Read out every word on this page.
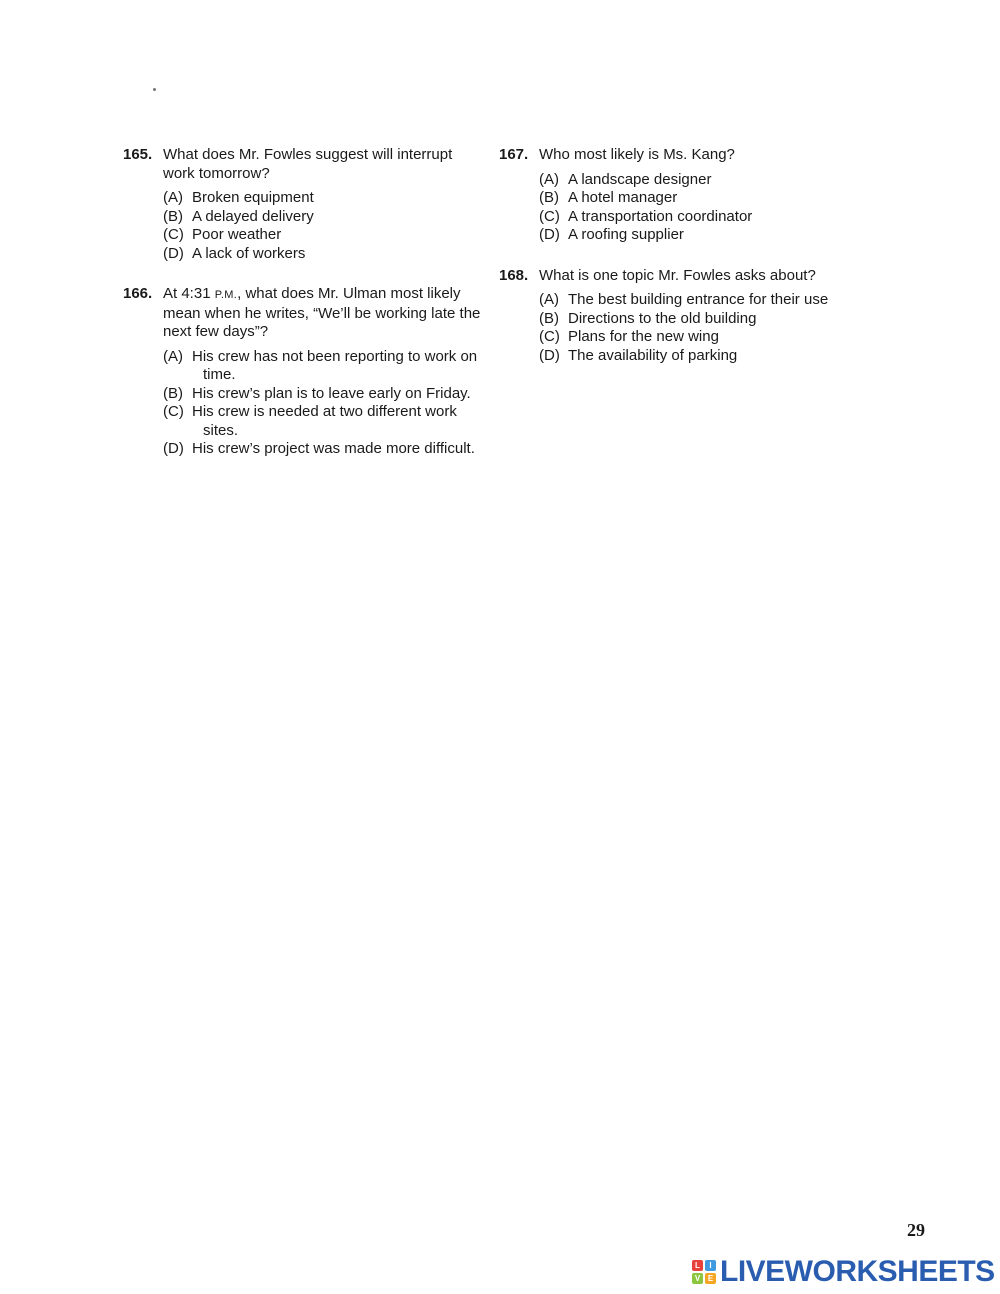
165. What does Mr. Fowles suggest will interrupt work tomorrow?
(A) Broken equipment
(B) A delayed delivery
(C) Poor weather
(D) A lack of workers
166. At 4:31 P.M., what does Mr. Ulman most likely mean when he writes, “We’ll be working late the next few days”?
(A) His crew has not been reporting to work on time.
(B) His crew’s plan is to leave early on Friday.
(C) His crew is needed at two different work sites.
(D) His crew’s project was made more difficult.
167. Who most likely is Ms. Kang?
(A) A landscape designer
(B) A hotel manager
(C) A transportation coordinator
(D) A roofing supplier
168. What is one topic Mr. Fowles asks about?
(A) The best building entrance for their use
(B) Directions to the old building
(C) Plans for the new wing
(D) The availability of parking
29
L	I
V E LIVEWORKSHEETS
